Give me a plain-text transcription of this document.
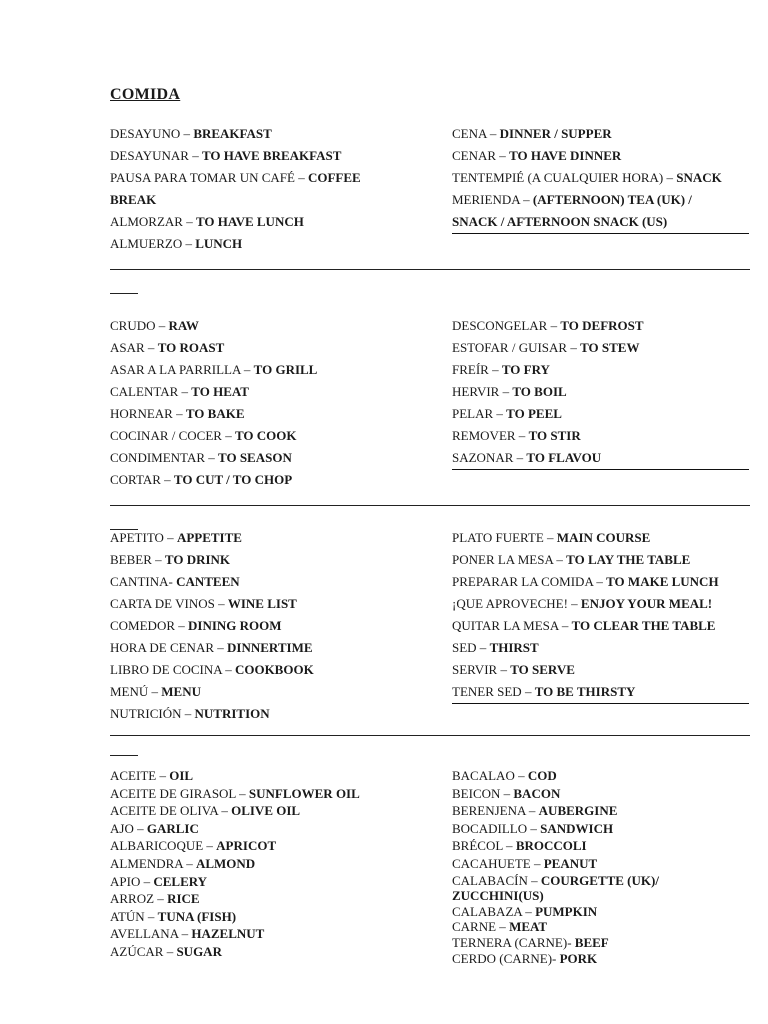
COMIDA
DESAYUNO – BREAKFAST
DESAYUNAR – TO HAVE BREAKFAST
PAUSA PARA TOMAR UN CAFÉ – COFFEE
BREAK
ALMORZAR – TO HAVE LUNCH
ALMUERZO – LUNCH
CENA – DINNER / SUPPER
CENAR – TO HAVE DINNER
TENTEMPIÉ (A CUALQUIER HORA) – SNACK
MERIENDA – (AFTERNOON) TEA (UK) /
SNACK / AFTERNOON SNACK (US)
CRUDO – RAW
ASAR – TO ROAST
ASAR A LA PARRILLA – TO GRILL
CALENTAR – TO HEAT
HORNEAR – TO BAKE
COCINAR / COCER – TO COOK
CONDIMENTAR – TO SEASON
CORTAR – TO CUT / TO CHOP
DESCONGELAR – TO DEFROST
ESTOFAR / GUISAR – TO STEW
FREÍR – TO FRY
HERVIR – TO BOIL
PELAR – TO PEEL
REMOVER – TO STIR
SAZONAR – TO FLAVOU
APETITO – APPETITE
BEBER – TO DRINK
CANTINA- CANTEEN
CARTA DE VINOS – WINE LIST
COMEDOR – DINING ROOM
HORA DE CENAR – DINNERTIME
LIBRO DE COCINA – COOKBOOK
MENÚ – MENU
NUTRICIÓN – NUTRITION
PLATO FUERTE – MAIN COURSE
PONER LA MESA – TO LAY THE TABLE
PREPARAR LA COMIDA – TO MAKE LUNCH
¡QUE APROVECHE! – ENJOY YOUR MEAL!
QUITAR LA MESA – TO CLEAR THE TABLE
SED – THIRST
SERVIR – TO SERVE
TENER SED – TO BE THIRSTY
ACEITE – OIL
ACEITE DE GIRASOL – SUNFLOWER OIL
ACEITE DE OLIVA – OLIVE OIL
AJO – GARLIC
ALBARICOQUE – APRICOT
ALMENDRA – ALMOND
APIO – CELERY
ARROZ – RICE
ATÚN – TUNA (FISH)
AVELLANA – HAZELNUT
AZÚCAR – SUGAR
BACALAO – COD
BEICON – BACON
BERENJENA – AUBERGINE
BOCADILLO – SANDWICH
BRÉCOL – BROCCOLI
CACAHUETE – PEANUT
CALABACÍN – COURGETTE (UK)/
ZUCCHINI(US)
CALABAZA – PUMPKIN
CARNE – MEAT
TERNERA (CARNE)- BEEF
CERDO (CARNE)- PORK
